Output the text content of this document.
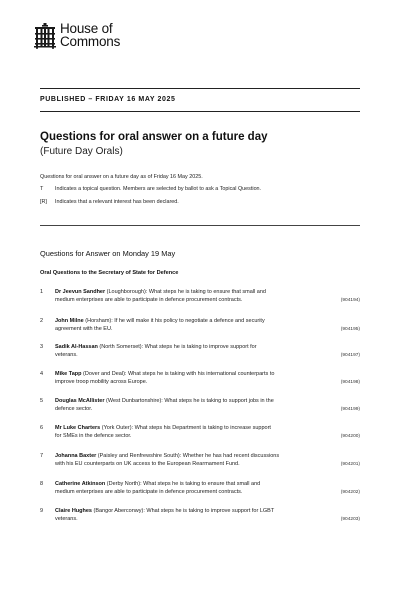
House of
Commons
PUBLISHED – FRIDAY 16 MAY 2025
Questions for oral answer on a future day
(Future Day Orals)
Questions for oral answer on a future day as of Friday 16 May 2025.
T	Indicates a topical question. Members are selected by ballot to ask a Topical Question.
[R]	Indicates that a relevant interest has been declared.
Questions for Answer on Monday 19 May
Oral Questions to the Secretary of State for Defence
1	Dr Jeevun Sandher (Loughborough): What steps he is taking to ensure that small and
medium enterprises are able to participate in defence procurement contracts.	(904194)
2	John Milne (Horsham): If he will make it his policy to negotiate a defence and security
agreement with the EU.	(904195)
3	Sadik Al-Hassan (North Somerset): What steps he is taking to improve support for
veterans.	(904197)
4	Mike Tapp (Dover and Deal): What steps he is taking with his international counterparts to
improve troop mobility across Europe.	(904198)
5	Douglas McAllister (West Dunbartonshire): What steps he is taking to support jobs in the
defence sector.	(904199)
6	Mr Luke Charters (York Outer): What steps his Department is taking to increase support
for SMEs in the defence sector.	(904200)
7	Johanna Baxter (Paisley and Renfrewshire South): Whether he has had recent discussions
with his EU counterparts on UK access to the European Rearmament Fund.	(904201)
8	Catherine Atkinson (Derby North): What steps he is taking to ensure that small and
medium enterprises are able to participate in defence procurement contracts.	(904202)
9	Claire Hughes (Bangor Aberconwy): What steps he is taking to improve support for LGBT
veterans.	(904203)
